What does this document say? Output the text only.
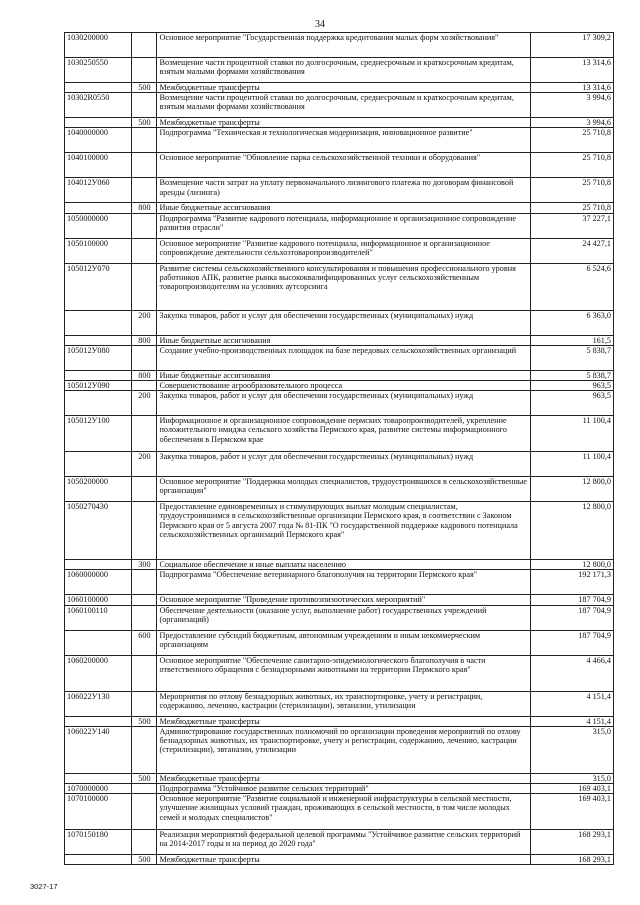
34
1030200000		Основное мероприятие "Государственная поддержка кредитования малых форм хозяйствования"	17 309,2
1030250550		Возмещение части процентной ставки по долгосрочным, среднесрочным и краткосрочным кредитам, взятым малыми формами хозяйствования	13 314,6
	500	Межбюджетные трансферты	13 314,6
10302R0550		Возмещение части процентной ставки по долгосрочным, среднесрочным и краткосрочным кредитам, взятым малыми формами хозяйствования	3 994,6
	500	Межбюджетные трансферты	3 994,6
1040000000		Подпрограмма "Техническая и технологическая модернизация, инновационное развитие"	25 710,8
1040100000		Основное мероприятие "Обновление парка сельскохозяйственной техники и оборудования"	25 710,8
104012У060		Возмещение части затрат на уплату первоначального лизингового платежа по договорам финансовой аренды (лизинга)	25 710,8
	800	Иные бюджетные ассигнования	25 710,8
1050000000		Подпрограмма "Развитие кадрового потенциала, информационное и организационное сопровождение развития отрасли"	37 227,1
1050100000		Основное мероприятие "Развитие кадрового потенциала, информационное и организационное сопровождение деятельности сельхозтоваропроизводителей"	24 427,1
105012У070		Развитие системы сельскохозяйственного консультирования и повышения профессионального уровня работников АПК, развитие рынка высококвалифицированных услуг сельскохозяйственным товаропроизводителям на условиях аутсорсинга	6 524,6
	200	Закупка товаров, работ и услуг для обеспечения государственных (муниципальных) нужд	6 363,0
	800	Иные бюджетные ассигнования	161,5
105012У080		Создание учебно-производственных площадок на базе передовых сельскохозяйственных организаций	5 838,7
	800	Иные бюджетные ассигнования	5 838,7
105012У090		Совершенствование агрообразовательного процесса	963,5
	200	Закупка товаров, работ и услуг для обеспечения государственных (муниципальных) нужд	963,5
105012У100		Информационное и организационное сопровождение пермских товаропроизводителей, укрепление положительного имиджа сельского хозяйства Пермского края, развитие системы информационного обеспечения в Пермском крае	11 100,4
	200	Закупка товаров, работ и услуг для обеспечения государственных (муниципальных) нужд	11 100,4
1050200000		Основное мероприятие "Поддержка молодых специалистов, трудоустроившихся в сельскохозяйственные организации"	12 800,0
1050270430		Предоставление единовременных и стимулирующих выплат молодым специалистам, трудоустроившимся в сельскохозяйственные организации Пермского края, в соответствии с Законом Пермского края от 5 августа 2007 года № 81-ПК "О государственной поддержке кадрового потенциала сельскохозяйственных организаций Пермского края"	12 800,0
	300	Социальное обеспечение и иные выплаты населению	12 800,0
1060000000		Подпрограмма "Обеспечение ветеринарного благополучия на территории Пермского края"	192 171,3
1060100000		Основное мероприятие "Проведение противоэпизоотических мероприятий"	187 704,9
1060100110		Обеспечение деятельности (оказание услуг, выполнение работ) государственных учреждений (организаций)	187 704,9
	600	Предоставление субсидий бюджетным, автономным учреждениям и иным некоммерческим организациям	187 704,9
1060200000		Основное мероприятие "Обеспечение санитарно-эпидемиологического благополучия в части ответственного обращения с безнадзорными животными на территории Пермского края"	4 466,4
106022У130		Мероприятия по отлову безнадзорных животных, их транспортировке, учету и регистрации, содержанию, лечению, кастрации (стерилизации), эвтаназии, утилизации	4 151,4
	500	Межбюджетные трансферты	4 151,4
106022У140		Администрирование государственных полномочий по организации проведения мероприятий по отлову безнадзорных животных, их транспортировке, учету и регистрации, содержанию, лечению, кастрации (стерилизации), эвтаназии, утилизации	315,0
	500	Межбюджетные трансферты	315,0
1070000000		Подпрограмма "Устойчивое развитие сельских территорий"	169 403,1
1070100000		Основное мероприятие "Развитие социальной и инженерной инфраструктуры в сельской местности, улучшение жилищных условий граждан, проживающих в сельской местности, в том числе молодых семей и молодых специалистов"	169 403,1
1070150180		Реализация мероприятий федеральной целевой программы "Устойчивое развитие сельских территорий на 2014-2017 годы и на период до 2020 года"	168 293,1
	500	Межбюджетные трансферты	168 293,1
3027-17
